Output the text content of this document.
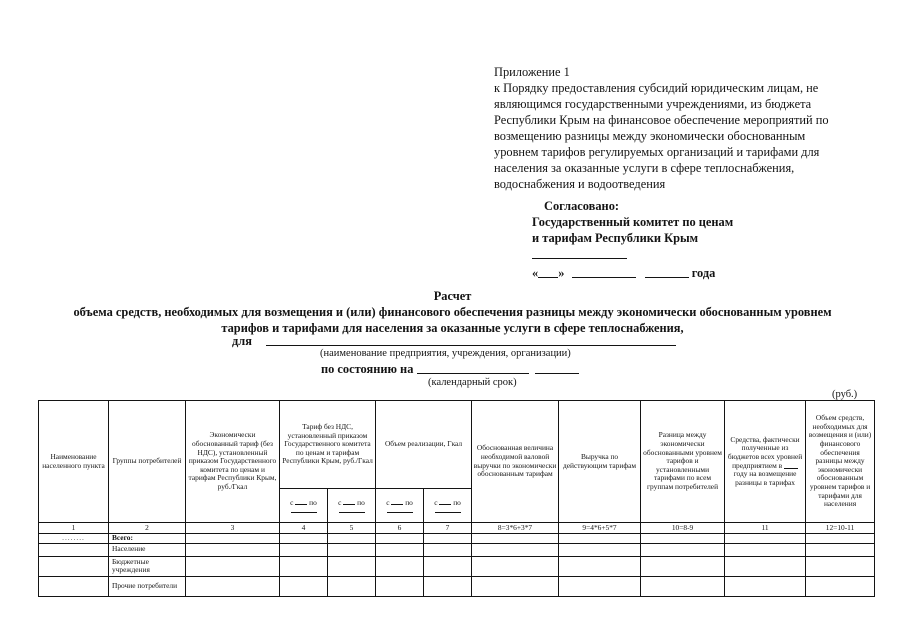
Приложение 1
к Порядку предоставления субсидий юридическим лицам, не
являющимся государственными учреждениями, из бюджета
Республики Крым на финансовое обеспечение мероприятий по
возмещению разницы между экономически обоснованным
уровнем тарифов регулируемых организаций и тарифами для
населения за оказанные услуги в сфере теплоснабжения,
водоснабжения и водоотведения
Согласовано:
Государственный комитет по ценам
и тарифам Республики Крым
« »	года
Расчет
объема средств, необходимых для возмещения и (или) финансового обеспечения разницы между экономически обоснованным уровнем
тарифов и тарифами для населения за оказанные услуги в сфере теплоснабжения,
для
(наименование предприятия, учреждения, организации)
по состоянию на
(календарный срок)
(руб.)
Наименование населенного пункта	Группы потребителей	Экономически обоснованный тариф (без НДС), установленный приказом Государственного комитета по ценам и тарифам Республики Крым, руб./Гкал	Тариф без НДС, установленный приказом Государственного комитета по ценам и тарифам Республики Крым, руб./Гкал		Объем реализации, Гкал		Обоснованная величина необходимой валовой выручки по экономически обоснованным тарифам	Выручка по действующим тарифам	Разница между экономически обоснованными уровнем тарифов и установленными тарифами по всем группам потребителей	Средства, фактически полученные из бюджетов всех уровней предприятием в  году на возмещение разницы в тарифах	Объем средств, необходимых для возмещения и (или) финансового обеспечения разницы между экономически обоснованным уровнем тарифов и тарифами для населения
			с по	с по	с по	с по					

1	2	3	4	5	6	7	8=3*6+3*7	9=4*6+5*7	10=8-9	11	12=10-11
........	Всего:										
	Население										
	Бюджетные учреждения										
	Прочие потребители										
